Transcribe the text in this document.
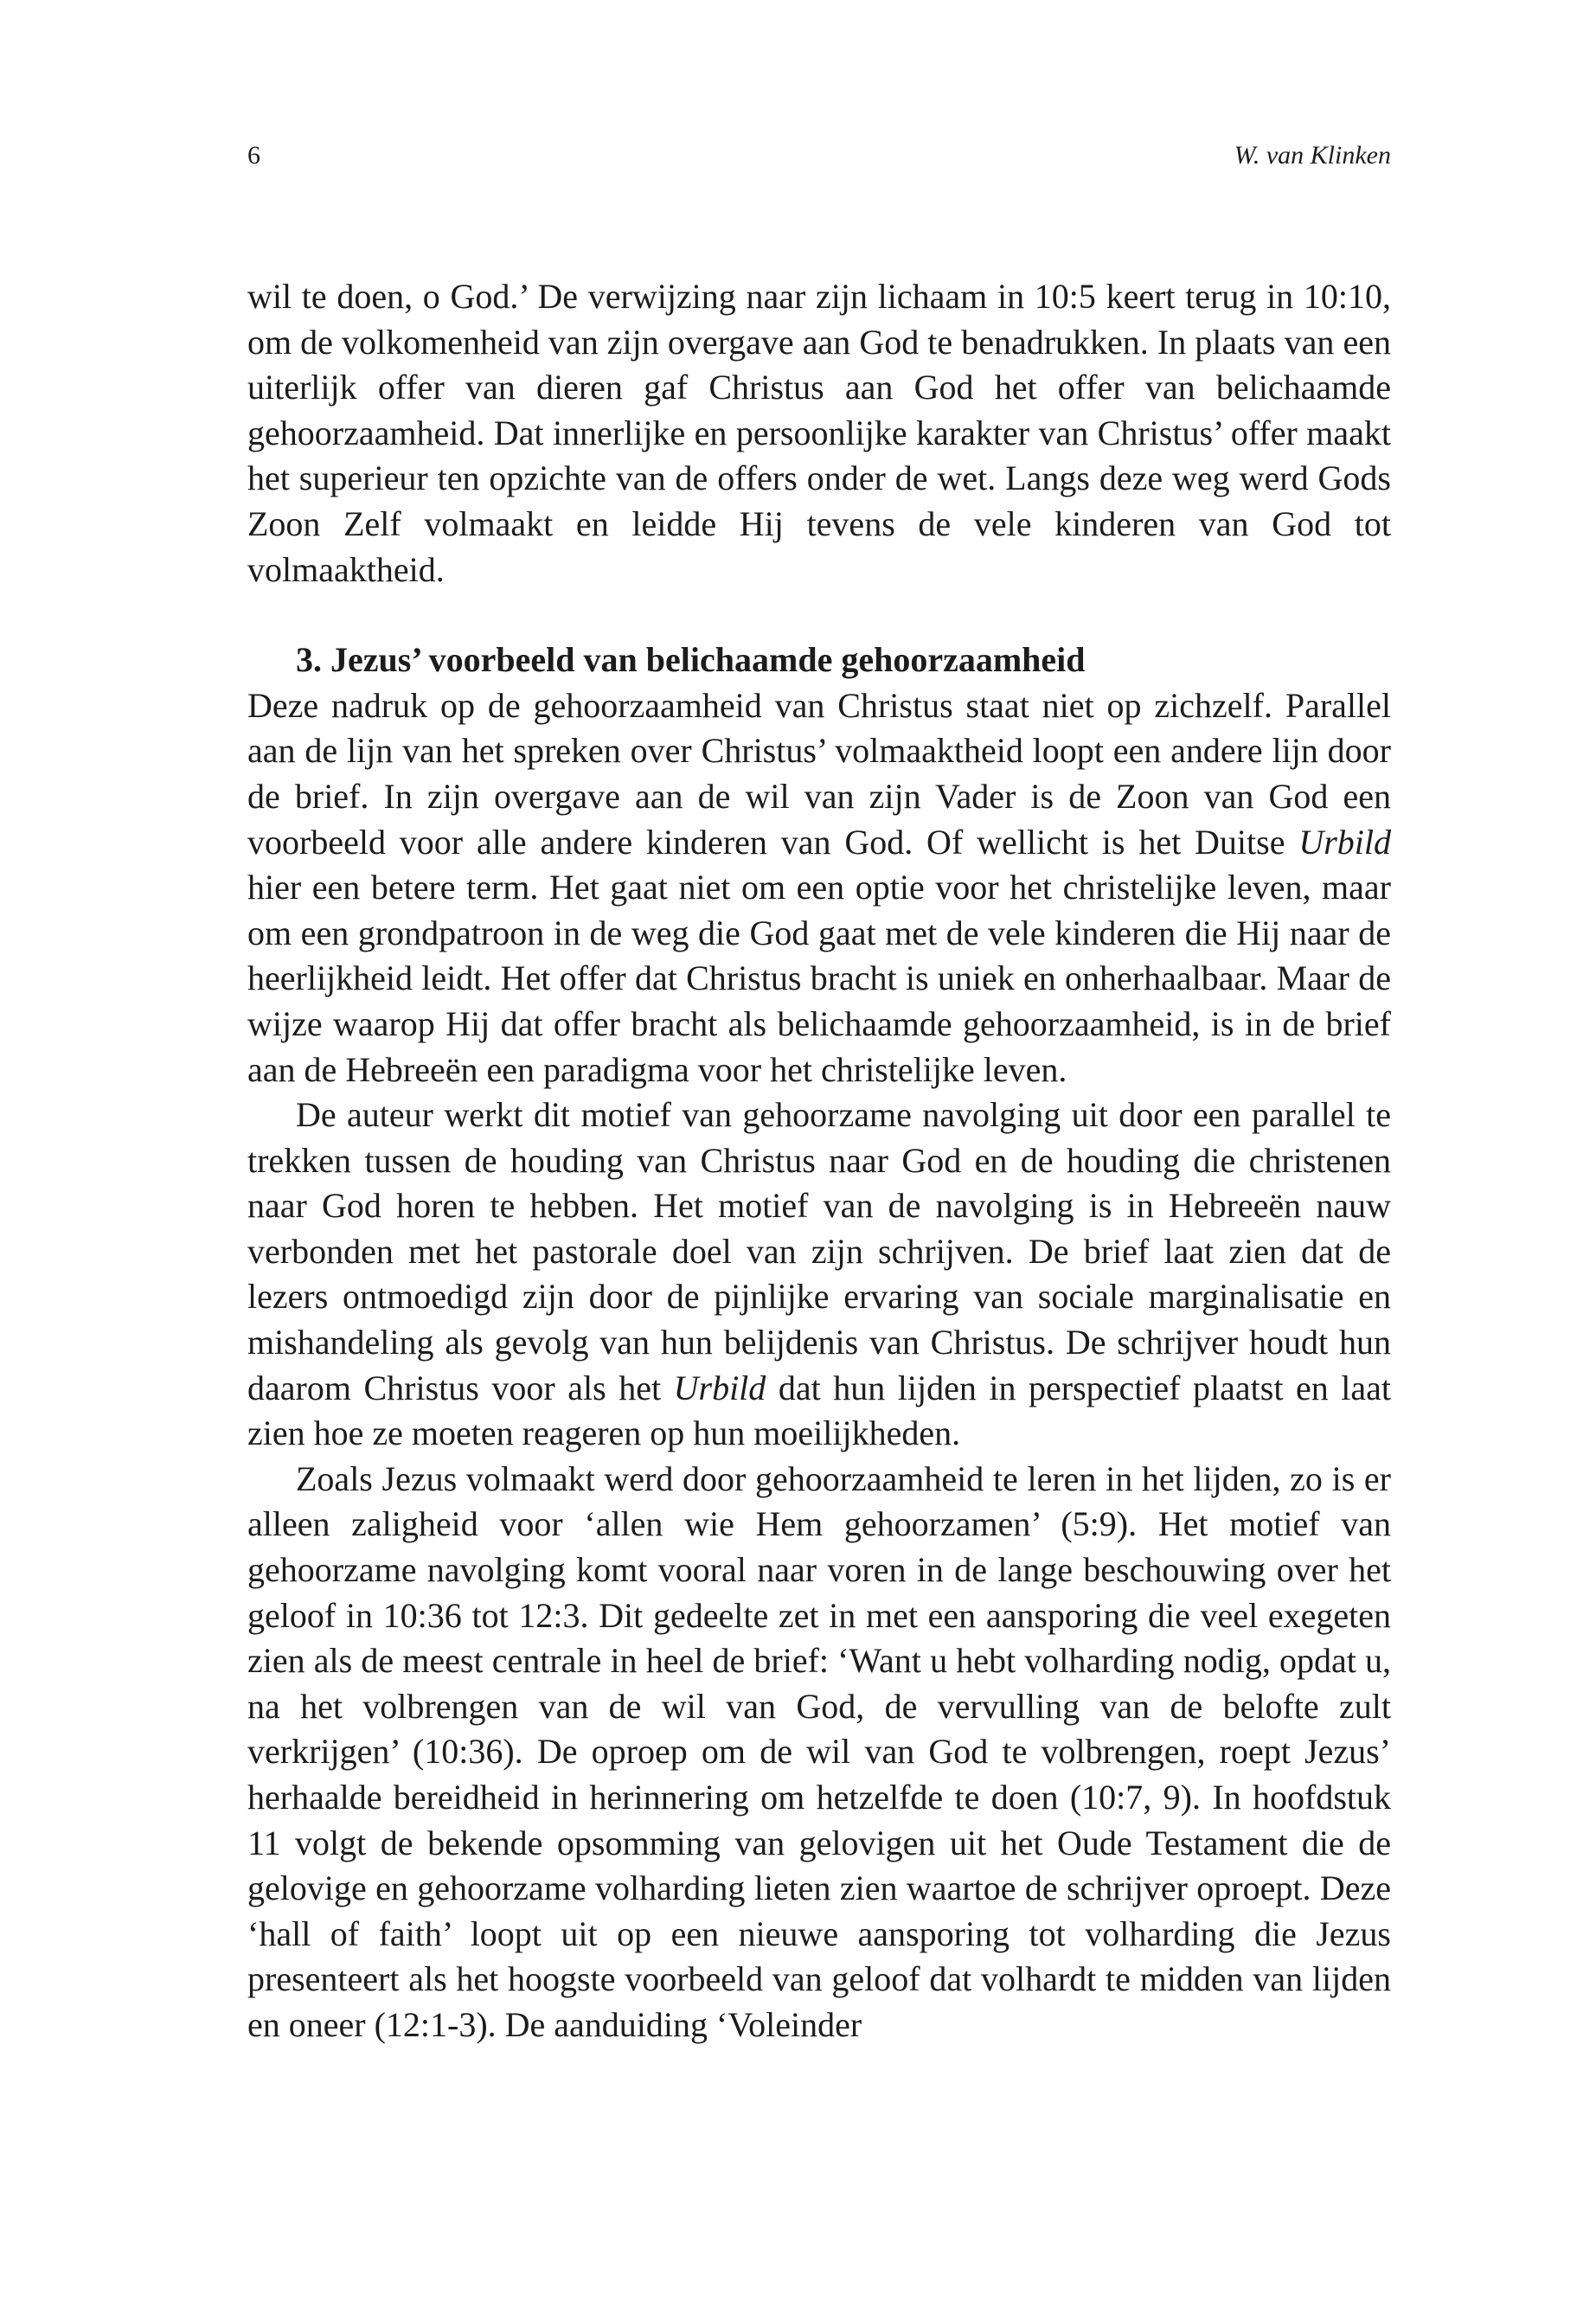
6	W. van Klinken

wil te doen, o God.’ De verwijzing naar zijn lichaam in 10:5 keert terug in 10:10, om de volkomenheid van zijn overgave aan God te benadrukken. In plaats van een uiterlijk offer van dieren gaf Christus aan God het offer van belichaamde gehoorzaamheid. Dat innerlijke en persoonlijke karakter van Christus’ offer maakt het superieur ten opzichte van de offers onder de wet. Langs deze weg werd Gods Zoon Zelf volmaakt en leidde Hij tevens de vele kinderen van God tot volmaaktheid.

3. Jezus’ voorbeeld van belichaamde gehoorzaamheid

Deze nadruk op de gehoorzaamheid van Christus staat niet op zichzelf. Parallel aan de lijn van het spreken over Christus’ volmaaktheid loopt een andere lijn door de brief. In zijn overgave aan de wil van zijn Vader is de Zoon van God een voorbeeld voor alle andere kinderen van God. Of wellicht is het Duitse Urbild hier een betere term. Het gaat niet om een optie voor het christelijke leven, maar om een grondpatroon in de weg die God gaat met de vele kinderen die Hij naar de heerlijkheid leidt. Het offer dat Christus bracht is uniek en onherhaalbaar. Maar de wijze waarop Hij dat offer bracht als belichaamde gehoorzaamheid, is in de brief aan de Hebreeën een paradigma voor het christelijke leven.

De auteur werkt dit motief van gehoorzame navolging uit door een parallel te trekken tussen de houding van Christus naar God en de houding die christenen naar God horen te hebben. Het motief van de navolging is in Hebreeën nauw verbonden met het pastorale doel van zijn schrijven. De brief laat zien dat de lezers ontmoedigd zijn door de pijnlijke ervaring van sociale marginalisatie en mishandeling als gevolg van hun belijdenis van Christus. De schrijver houdt hun daarom Christus voor als het Urbild dat hun lijden in perspectief plaatst en laat zien hoe ze moeten reageren op hun moeilijkheden.

Zoals Jezus volmaakt werd door gehoorzaamheid te leren in het lijden, zo is er alleen zaligheid voor ‘allen wie Hem gehoorzamen’ (5:9). Het motief van gehoorzame navolging komt vooral naar voren in de lange beschouwing over het geloof in 10:36 tot 12:3. Dit gedeelte zet in met een aansporing die veel exegeten zien als de meest centrale in heel de brief: ‘Want u hebt volharding nodig, opdat u, na het volbrengen van de wil van God, de vervulling van de belofte zult verkrijgen’ (10:36). De oproep om de wil van God te volbrengen, roept Jezus’ herhaalde bereidheid in herinnering om hetzelfde te doen (10:7, 9). In hoofdstuk 11 volgt de bekende opsomming van gelovigen uit het Oude Testament die de gelovige en gehoorzame volharding lieten zien waartoe de schrijver oproept. Deze ‘hall of faith’ loopt uit op een nieuwe aansporing tot volharding die Jezus presenteert als het hoogste voorbeeld van geloof dat volhardt te midden van lijden en oneer (12:1-3). De aanduiding ‘Voleinder
